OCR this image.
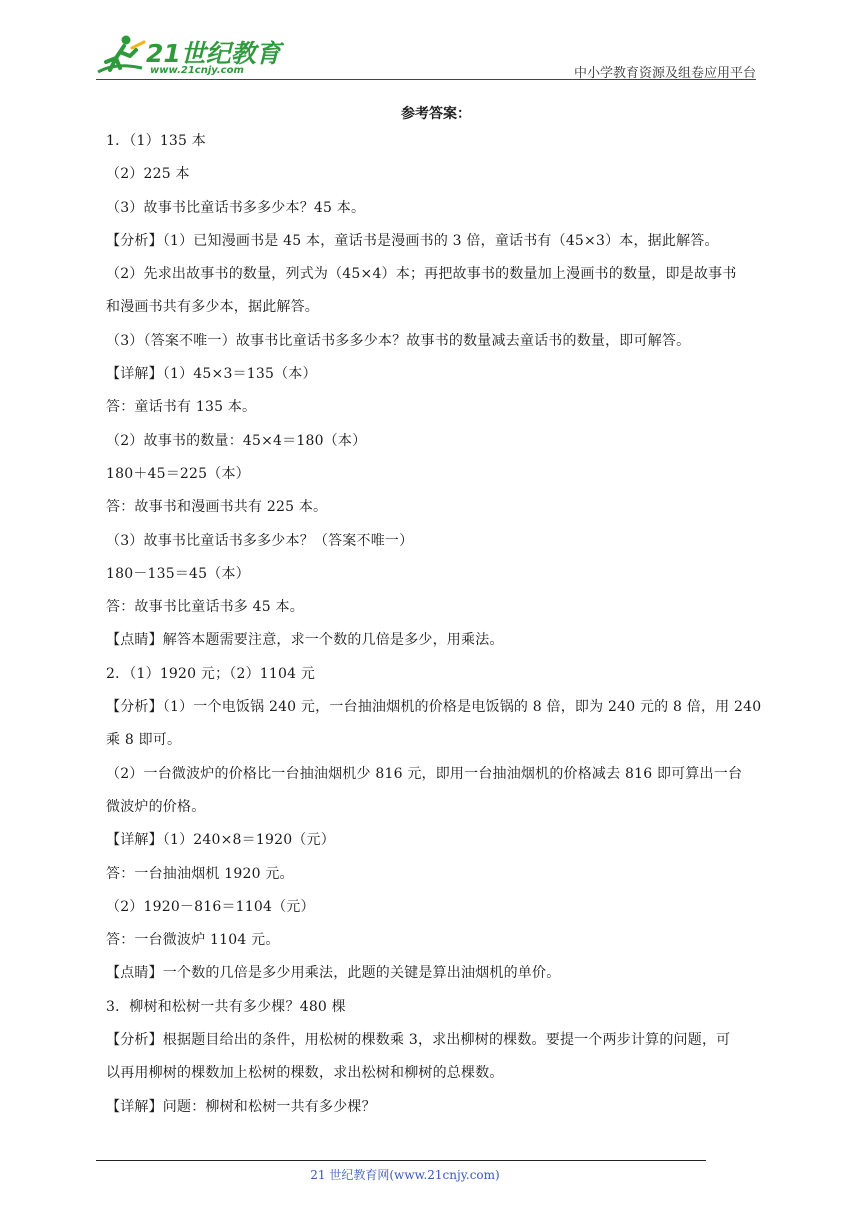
21世纪教育
www.21cnjy.com	中小学教育资源及组卷应用平台
参考答案：
1．（1）135 本
（2）225 本
（3）故事书比童话书多多少本？45 本。
【分析】（1）已知漫画书是 45 本，童话书是漫画书的 3 倍，童话书有（45×3）本，据此解答。
（2）先求出故事书的数量，列式为（45×4）本；再把故事书的数量加上漫画书的数量，即是故事书
和漫画书共有多少本，据此解答。
（3）（答案不唯一）故事书比童话书多多少本？故事书的数量减去童话书的数量，即可解答。
【详解】（1）45×3＝135（本）
答：童话书有 135 本。
（2）故事书的数量：45×4＝180（本）
180＋45＝225（本）
答：故事书和漫画书共有 225 本。
（3）故事书比童话书多多少本？（答案不唯一）
180－135＝45（本）
答：故事书比童话书多 45 本。
【点睛】解答本题需要注意，求一个数的几倍是多少，用乘法。
2．（1）1920 元；（2）1104 元
【分析】（1）一个电饭锅 240 元，一台抽油烟机的价格是电饭锅的 8 倍，即为 240 元的 8 倍，用 240
乘 8 即可。
（2）一台微波炉的价格比一台抽油烟机少 816 元，即用一台抽油烟机的价格减去 816 即可算出一台
微波炉的价格。
【详解】（1）240×8＝1920（元）
答：一台抽油烟机 1920 元。
（2）1920－816＝1104（元）
答：一台微波炉 1104 元。
【点睛】一个数的几倍是多少用乘法，此题的关键是算出油烟机的单价。
3．柳树和松树一共有多少棵？480 棵
【分析】根据题目给出的条件，用松树的棵数乘 3，求出柳树的棵数。要提一个两步计算的问题，可
以再用柳树的棵数加上松树的棵数，求出松树和柳树的总棵数。
【详解】问题：柳树和松树一共有多少棵？
21 世纪教育网(www.21cnjy.com)
